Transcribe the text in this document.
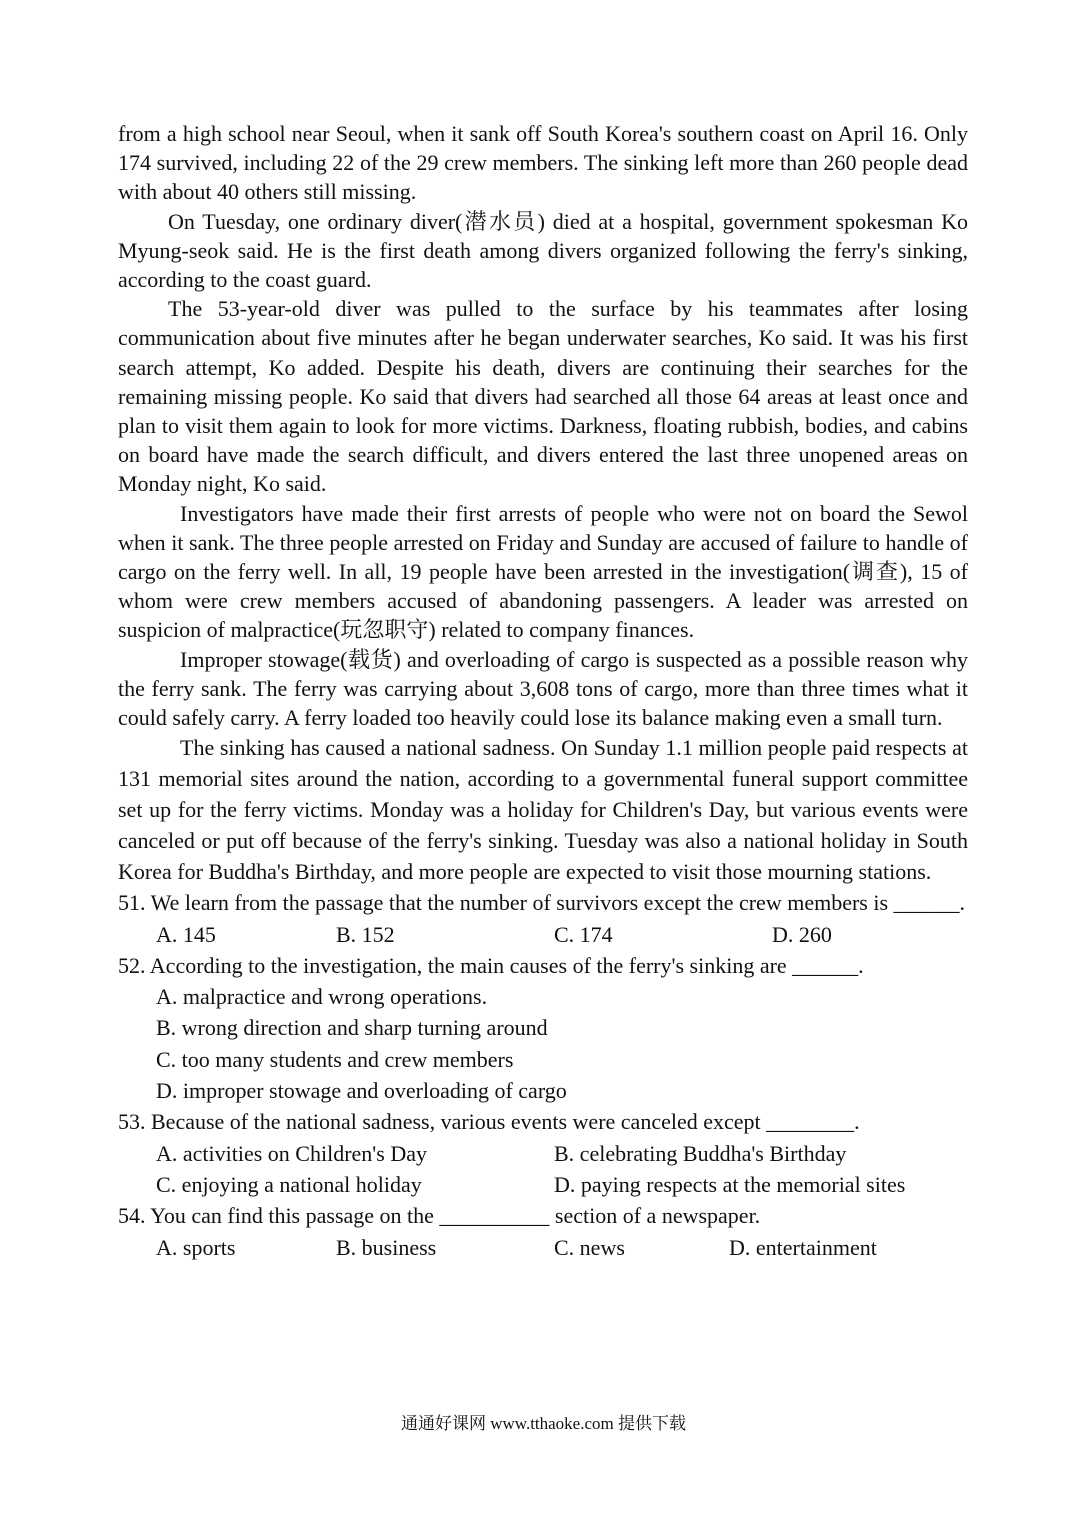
from a high school near Seoul, when it sank off South Korea's southern coast on April 16. Only 174 survived, including 22 of the 29 crew members. The sinking left more than 260 people dead with about 40 others still missing.

On Tuesday, one ordinary diver(潜水员) died at a hospital, government spokesman Ko Myung-seok said. He is the first death among divers organized following the ferry's sinking, according to the coast guard.

The 53-year-old diver was pulled to the surface by his teammates after losing communication about five minutes after he began underwater searches, Ko said. It was his first search attempt, Ko added. Despite his death, divers are continuing their searches for the remaining missing people. Ko said that divers had searched all those 64 areas at least once and plan to visit them again to look for more victims. Darkness, floating rubbish, bodies, and cabins on board have made the search difficult, and divers entered the last three unopened areas on Monday night, Ko said.

Investigators have made their first arrests of people who were not on board the Sewol when it sank. The three people arrested on Friday and Sunday are accused of failure to handle of cargo on the ferry well. In all, 19 people have been arrested in the investigation(调查), 15 of whom were crew members accused of abandoning passengers. A leader was arrested on suspicion of malpractice(玩忽职守) related to company finances.

Improper stowage(载货) and overloading of cargo is suspected as a possible reason why the ferry sank. The ferry was carrying about 3,608 tons of cargo, more than three times what it could safely carry. A ferry loaded too heavily could lose its balance making even a small turn.

The sinking has caused a national sadness. On Sunday 1.1 million people paid respects at 131 memorial sites around the nation, according to a governmental funeral support committee set up for the ferry victims. Monday was a holiday for Children's Day, but various events were canceled or put off because of the ferry's sinking. Tuesday was also a national holiday in South Korea for Buddha's Birthday, and more people are expected to visit those mourning stations.

51. We learn from the passage that the number of survivors except the crew members is ______.
A. 145	B. 152	C. 174	D. 260
52. According to the investigation, the main causes of the ferry's sinking are ______.
A. malpractice and wrong operations.
B. wrong direction and sharp turning around
C. too many students and crew members
D. improper stowage and overloading of cargo
53. Because of the national sadness, various events were canceled except ________.
A. activities on Children's Day	B. celebrating Buddha's Birthday
C. enjoying a national holiday	D. paying respects at the memorial sites
54. You can find this passage on the __________ section of a newspaper.
A. sports	B. business	C. news	D. entertainment
通通好课网 www.tthaoke.com 提供下载
